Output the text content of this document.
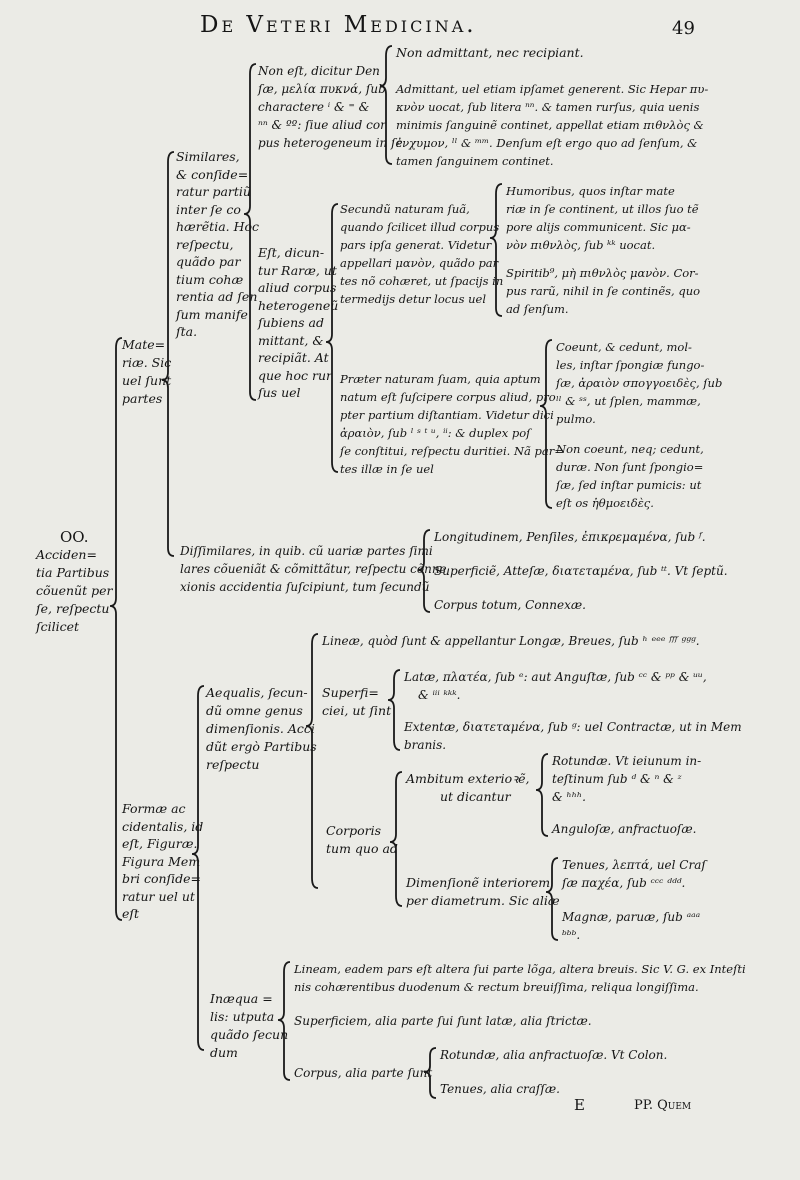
De Veteri Medicina.	49
OO.
Acciden=
tia Partibus
cõuenũt per
ſe, reſpectu
ſcilicet
Mate=
riæ. Sic
uel ſunt
partes
Similares,
& conſide=
ratur partiũ
inter ſe co
hærẽtia. Hoc
reſpectu,
quãdo par
tium cohæ
rentia ad ſen
ſum manife
ſta.
Non eſt, dicitur Den
ſæ, μελία πυκνά, ſub
charactere ⁱ & ⁼ &
ⁿⁿ & ºº: ſiue aliud cor
pus heterogeneum in ſe
Non admittant, nec recipiant.
Admittant, uel etiam ipſamet generent. Sic Hepar πυ-
κνὸν uocat, ſub litera ⁿⁿ. & tamen rurſus, quia uenis
minimis ſanguinẽ continet, appellat etiam πιθνλὸς &
ἐνχυμον, ˡˡ & ᵐᵐ. Denſum eſt ergo quo ad ſenſum, &
tamen ſanguinem continet.
Eſt, dicun-
tur Raræ, ut
aliud corpus
heterogeneũ
ſubiens ad
mittant, &
recipiãt. At
que hoc rur
ſus uel
Secundũ naturam ſuã,
quando ſcilicet illud corpus
pars ipſa generat. Videtur
appellari μανὸν, quãdo par
tes nõ cohæret, ut ſpacijs in
termedijs detur locus uel
Humoribus, quos inſtar mate
riæ in ſe continent, ut illos ſuo tẽ
pore alijs communicent. Sic μα-
νὸν πιθνλὸς, ſub ᵏᵏ uocat.
Spiritib⁹, μὴ πιθνλὸς μανὸν. Cor-
pus rarũ, nihil in ſe continẽs, quo
ad ſenſum.
Præter naturam ſuam, quia aptum
natum eſt ſuſcipere corpus aliud, pro
pter partium diſtantiam. Videtur dici
ἀραιὸν, ſub ˡ ˢ ᵗ ᵘ, ⁱⁱ: & duplex poſ
ſe conſtitui, reſpectu duritiei. Nã par=
tes illæ in ſe uel
Coeunt, & cedunt, mol-
les, inſtar ſpongiæ fungo-
ſæ, ἀραιὸν σπογγοειδὲς, ſub
ˡˡ & ˢˢ, ut ſplen, mammæ,
pulmo.
Non coeunt, neq; cedunt,
duræ. Non ſunt ſpongio=
ſæ, ſed inſtar pumicis: ut
eſt os ἠθμοειδὲς.
Diſſimilares, in quib. cũ uariæ partes ſimi
lares cõueniãt & cõmittãtur, reſpectu cõnne
xionis accidentia ſuſcipiunt, tum ſecundũ
Longitudinem, Penſiles, ἐπικρεμαμένα, ſub ᶠ.
Superficiẽ, Atteſæ, διατεταμένα, ſub ᵗᵗ. Vt ſeptũ.
Corpus totum, Connexæ.
Formæ ac
cidentalis, id
eſt, Figuræ.
Figura Mem
bri conſide=
ratur uel ut
eſt
Aequalis, ſecun-
dũ omne genus
dimenſionis. Acci
dũt ergò Partibus
reſpectu
Lineæ, quòd ſunt & appellantur Longæ, Breues, ſub ʰ ᵉᵉᵉ ᶠᶠᶠ ᵍᵍᵍ.
Superfi=
ciei, ut ſint
Latæ, πλατέα, ſub ᵉ: aut Anguſtæ, ſub ᶜᶜ & ᵖᵖ & ᵘᵘ,
& ⁱⁱⁱ ᵏᵏᵏ.
Extentæ, διατεταμένα, ſub ᵍ: uel Contractæ, ut in Mem
branis.
Corporis
tum quo ad
Ambitum exterioꝛẽ,
ut dicantur
Rotundæ. Vt ieiunum in-
teſtinum ſub ᵈ & ⁿ & ᶻ
& ʰʰʰ.
Anguloſæ, anfractuoſæ.
Dimenſionẽ interiorem
per diametrum. Sic aliæ
Tenues, λεπτά, uel Craſ
ſæ παχέα, ſub ᶜᶜᶜ ᵈᵈᵈ.
Magnæ, paruæ, ſub ᵃᵃᵃ
ᵇᵇᵇ.
Inæqua =
lis: utputa
quãdo ſecun
dum
Lineam, eadem pars eſt altera ſui parte lõga, altera breuis. Sic V. G. ex Inteſti
nis cohærentibus duodenum & rectum breuiſſima, reliqua longiſſima.
Superficiem, alia parte ſui ſunt latæ, alia ſtrictæ.
Corpus, alia parte ſunt
Rotundæ, alia anfractuoſæ. Vt Colon.
Tenues, alia craſſæ.
E	PP. Quem
